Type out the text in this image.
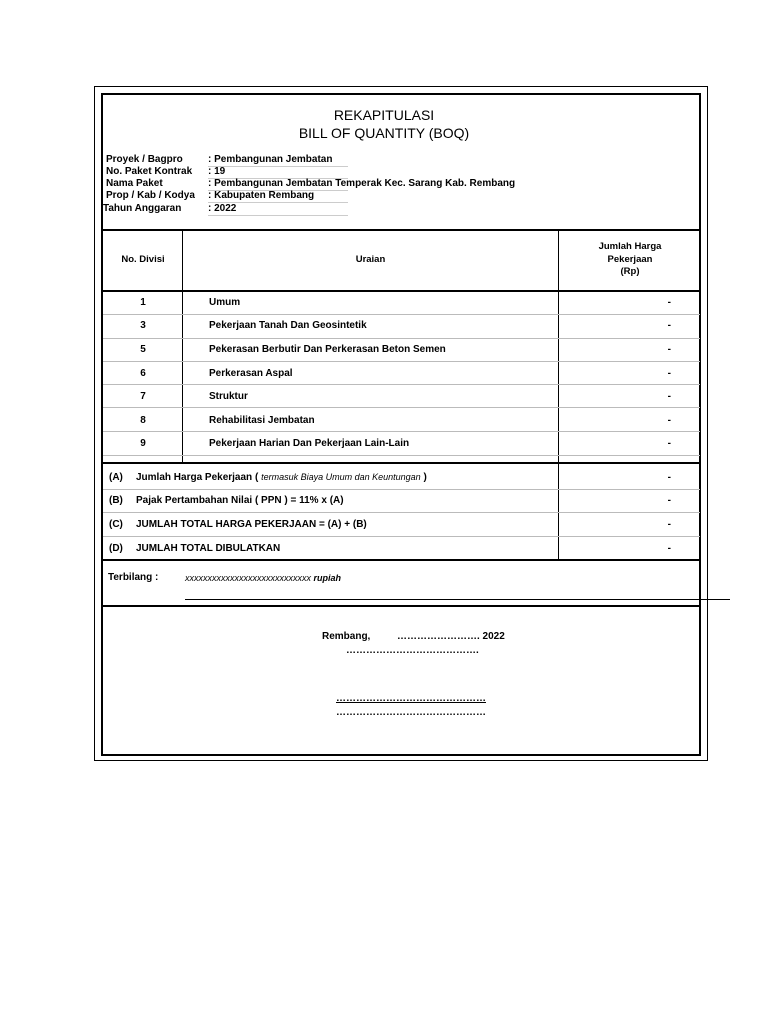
REKAPITULASI
BILL OF QUANTITY (BOQ)
Proyek / Bagpro	: Pembangunan Jembatan
No. Paket Kontrak : 19
Nama Paket	: Pembangunan Jembatan Temperak Kec. Sarang Kab. Rembang
Prop / Kab / Kodya : Kabupaten Rembang
Tahun Anggaran	: 2022
No. Divisi	Uraian
Jumlah Harga
Pekerjaan
(Rp)
1	Umum	-
3	Pekerjaan Tanah Dan Geosintetik	-
5	Pekerasan Berbutir Dan Perkerasan Beton Semen	-
6	Perkerasan Aspal	-
7	Struktur	-
8	Rehabilitasi Jembatan	-
9	Pekerjaan Harian Dan Pekerjaan Lain-Lain	-
(A) Jumlah Harga Pekerjaan ( termasuk Biaya Umum dan Keuntungan )	-
(B) Pajak Pertambahan Nilai ( PPN ) = 11% x (A)	-
(C) JUMLAH TOTAL HARGA PEKERJAAN = (A) + (B)	-
(D) JUMLAH TOTAL DIBULATKAN	-
Terbilang :	xxxxxxxxxxxxxxxxxxxxxxxxxxxx rupiah
Rembang,	……………………. 2022
………………………………….
………………………………………
………………………………………
